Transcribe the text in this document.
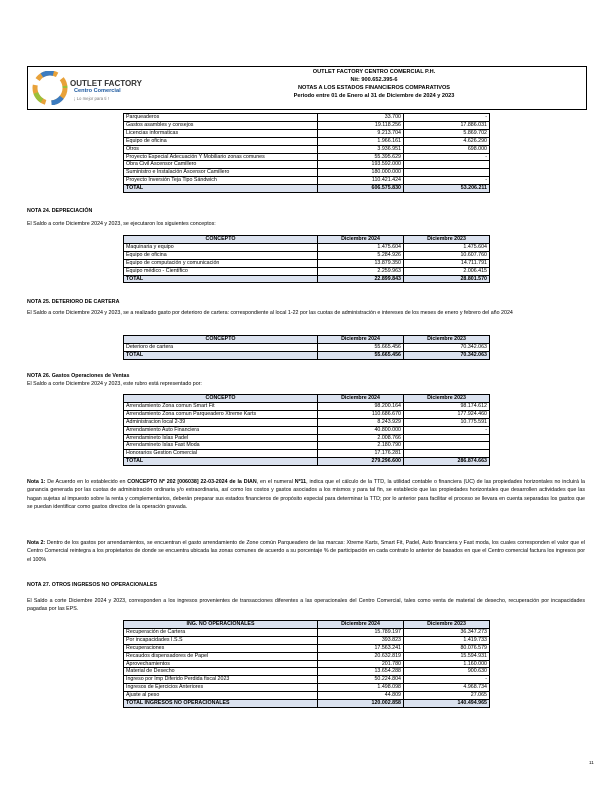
OUTLET FACTORY
Centro Comercial
¡ Lo mejor para ti !
OUTLET FACTORY CENTRO COMERCIAL P.H.
Nit: 900.652.395-6
NOTAS A LOS ESTADOS FINANCIEROS COMPARATIVOS
Periodo entre 01 de Enero al 31 de Diciembre de 2024 y 2023
Parqueaderos	33.700	-
Gastos asambles y consejos	19.118.256	17.886.031
Licencias informaticas	9.213.704	5.869.702
Equipo de oficina	1.966.161	4.626.290
Otros	3.936.951	698.000
Proyecto Especial Adecuación Y Mobiliario zonas comunes	55.395.629	-
Obra Civil Ascensor Camillero	193.592.000	
Suministro e Instalación Ascensor Camillero	180.000.000	
Proyecto Inversión Teja Tipo Sándwich	110.421.424	-
TOTAL	606.575.830	53.206.211
NOTA 24. DEPRECIACIÓN
El Saldo a corte Diciembre 2024 y 2023, se ejecutaron los siguientes conceptos:
CONCEPTO	Diciembre 2024	Diciembre 2023
Maquinaria y equipo	1.475.604	1.475.604
Equipo de oficina	5.284.926	10.607.760
Equipo de computación y comunicación	13.879.350	14.711.791
Equipo médico - Científico	2.259.963	2.006.415
TOTAL	22.899.843	28.801.570
NOTA 25. DETERIORO DE CARTERA
El Saldo a corte Diciembre 2024 y 2023, se a realizado gasto por deterioro de cartera: correspondiente al local 1-22 por las cuotas de administración e intereses de los meses de enero y febrero del año 2024
CONCEPTO	Diciembre 2024	Diciembre 2023
Deterioro de cartera	55.665.456	70.342.063
TOTAL	55.665.456	70.342.063
NOTA 26. Gastos Operaciones de Ventas
El Saldo a corte Diciembre 2024 y 2023, este rubro está representado por:
CONCEPTO	Diciembre 2024	Diciembre 2023
Arrendamiento Zona comun Smart Fit	98.200.164	98.174.612
Arrendamiento Zona comun Parqueadero Xtreme Karts	110.686.670	177.924.460
Administracion local 2-39	8.243.929	10.775.591
Arrendamiento Auto Financiera	40.800.000	-
Arrendamineto Islas Padel	2.008.766	
Arrendamineto Islas Fast Moda	2.180.790	
Honorarios Gestion Comercial	17.176.281	
TOTAL	279.296.600	286.874.663
Nota 1: De Acuerdo en lo establecido en CONCEPTO Nº 202 [006038] 22-03-2024 de la DIAN, en el numeral Nº11, indica que el cálculo de la TTD, la utilidad contable o financiera (UC) de las propiedades horizontales no incluirá la ganancia generada por las cuotas de administración ordinaria y/o extraordinaria, así como los costos y gastos asociados a los mismos y para tal fin, se establecio que las propiedades horizontales que desarrollen actividades que las hagan sujetas al impuesto sobre la renta y complementarios, deberán preparar sus estados financieros de propósito especial para determinar la TTD; por lo anterior para facilitar el proceso se llevara en cuenta separadas los gastos que se puedan identificar como gastos directos de la operación gravada.
Nota 2: Dentro de los gastos por arrendamientos, se encuentran el gasto arrendamiento de Zone común Parqueadero de las marcas: Xtreme Karts, Smart Fit, Padel, Auto financiera y Fast moda, los cuales corresponden el valor que el Centro Comercial reintegra a los propietarios de donde se encuentra ubicada las zonas comunes de acuerdo a su porcentaje % de participación en cada contrato lo anterior de basados en que el Centro comercial factura los ingresos por el 100%
NOTA 27. OTROS INGRESOS NO OPERACIONALES
El Saldo a corte Diciembre 2024 y 2023, corresponden a los ingresos provenientes de transacciones diferentes a las operacionales del Centro Comercial, tales como venta de material de desecho, recuperación por incapacidades pagadas por las EPS.
ING. NO OPERACIONALES	Diciembre 2024	Diciembre 2023
Recuperación de Cartera	15.789.197	36.347.273
Por incapacidades I.S.S	393.823	1.419.733
Recuperaciones	17.563.241	80.076.579
Recaudos dispensadores de Papel	20.632.819	15.594.931
Aprovechamientos	201.780	1.160.000
Material de Desecho	13.654.288	900.630
Ingreso por Imp Diferido Perdida fiscal 2023	50.224.804	-
Ingresos de Ejercicios Anteriores	1.498.098	4.968.734
Ajuste al peso	44.809	27.065
TOTAL INGRESOS NO OPERACIONALES	120.002.858	140.494.965
11
